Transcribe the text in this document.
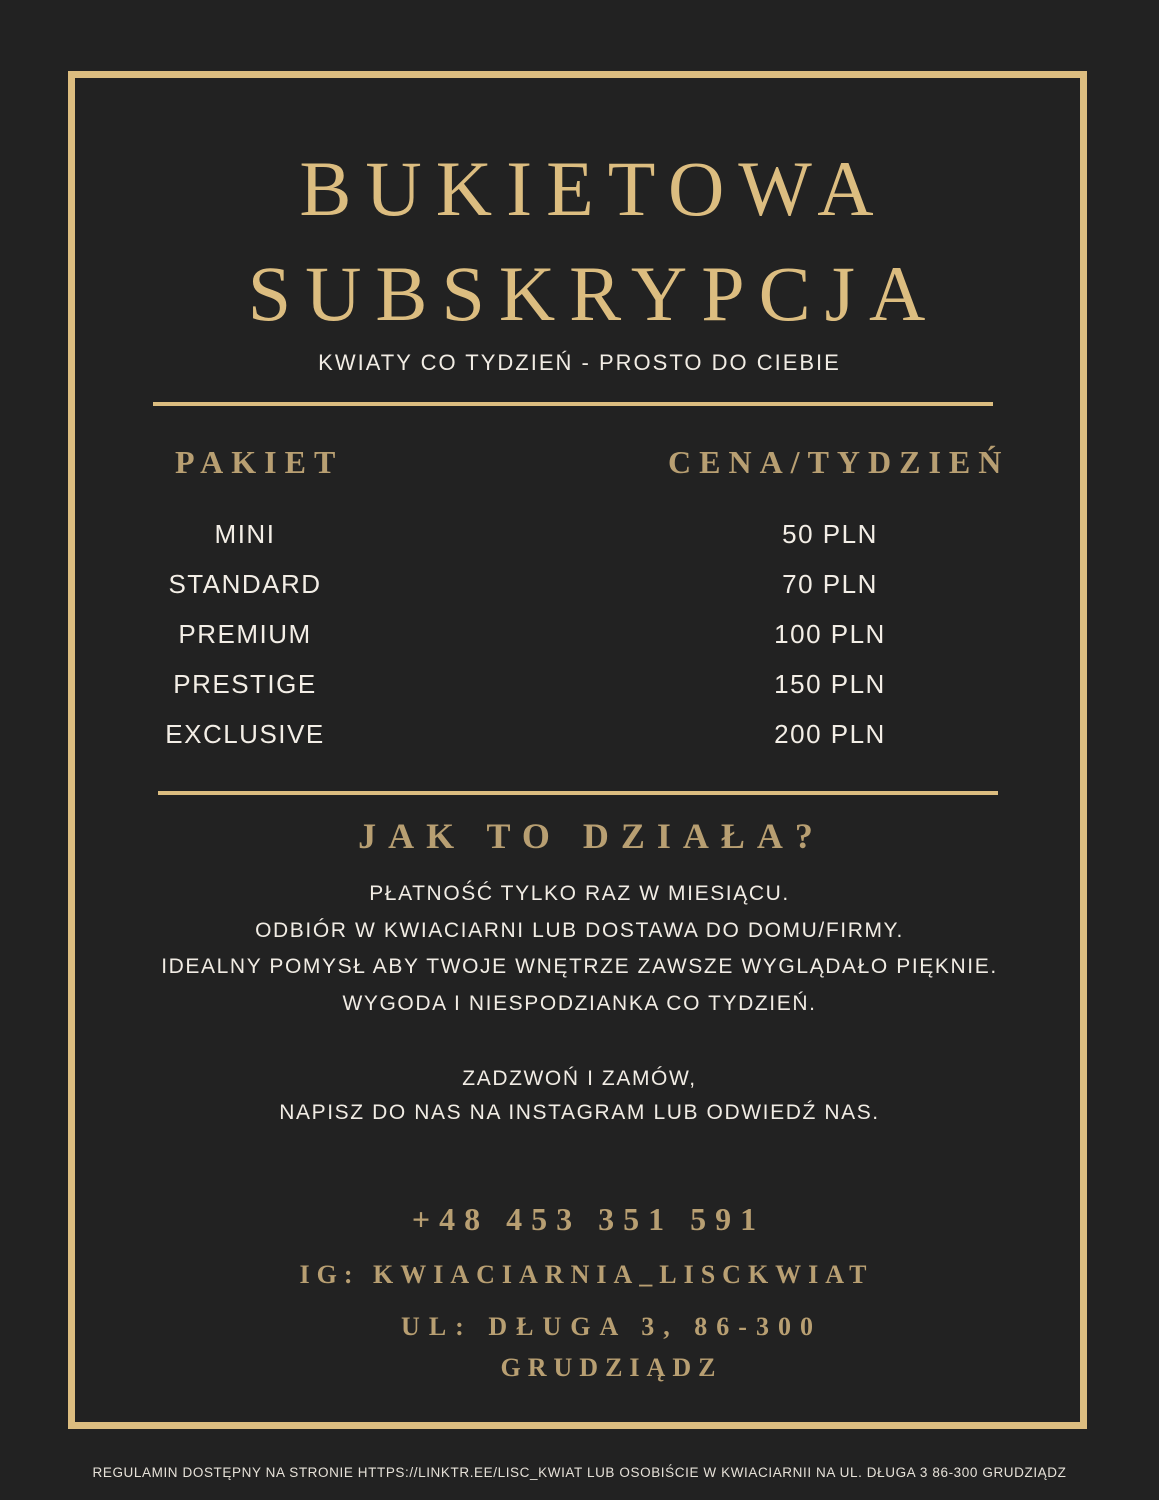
BUKIETOWA
SUBSKRYPCJA
KWIATY CO TYDZIEŃ - PROSTO DO CIEBIE
PAKIET	CENA/TYDZIEŃ
MINI
STANDARD
PREMIUM
PRESTIGE
EXCLUSIVE
50 PLN
70 PLN
100 PLN
150 PLN
200 PLN
JAK TO DZIAŁA?
PŁATNOŚĆ TYLKO RAZ W MIESIĄCU.
ODBIÓR W KWIACIARNI LUB DOSTAWA DO DOMU/FIRMY.
IDEALNY POMYSŁ ABY TWOJE WNĘTRZE ZAWSZE WYGLĄDAŁO PIĘKNIE.
WYGODA I NIESPODZIANKA CO TYDZIEŃ.
ZADZWOŃ I ZAMÓW,
NAPISZ DO NAS NA INSTAGRAM LUB ODWIEDŹ NAS.
+48 453 351 591
IG: KWIACIARNIA_LISCKWIAT
UL: DŁUGA 3, 86-300
GRUDZIĄDZ
REGULAMIN DOSTĘPNY NA STRONIE HTTPS://LINKTR.EE/LISC_KWIAT LUB OSOBIŚCIE W KWIACIARNII NA UL. DŁUGA 3 86-300 GRUDZIĄDZ
